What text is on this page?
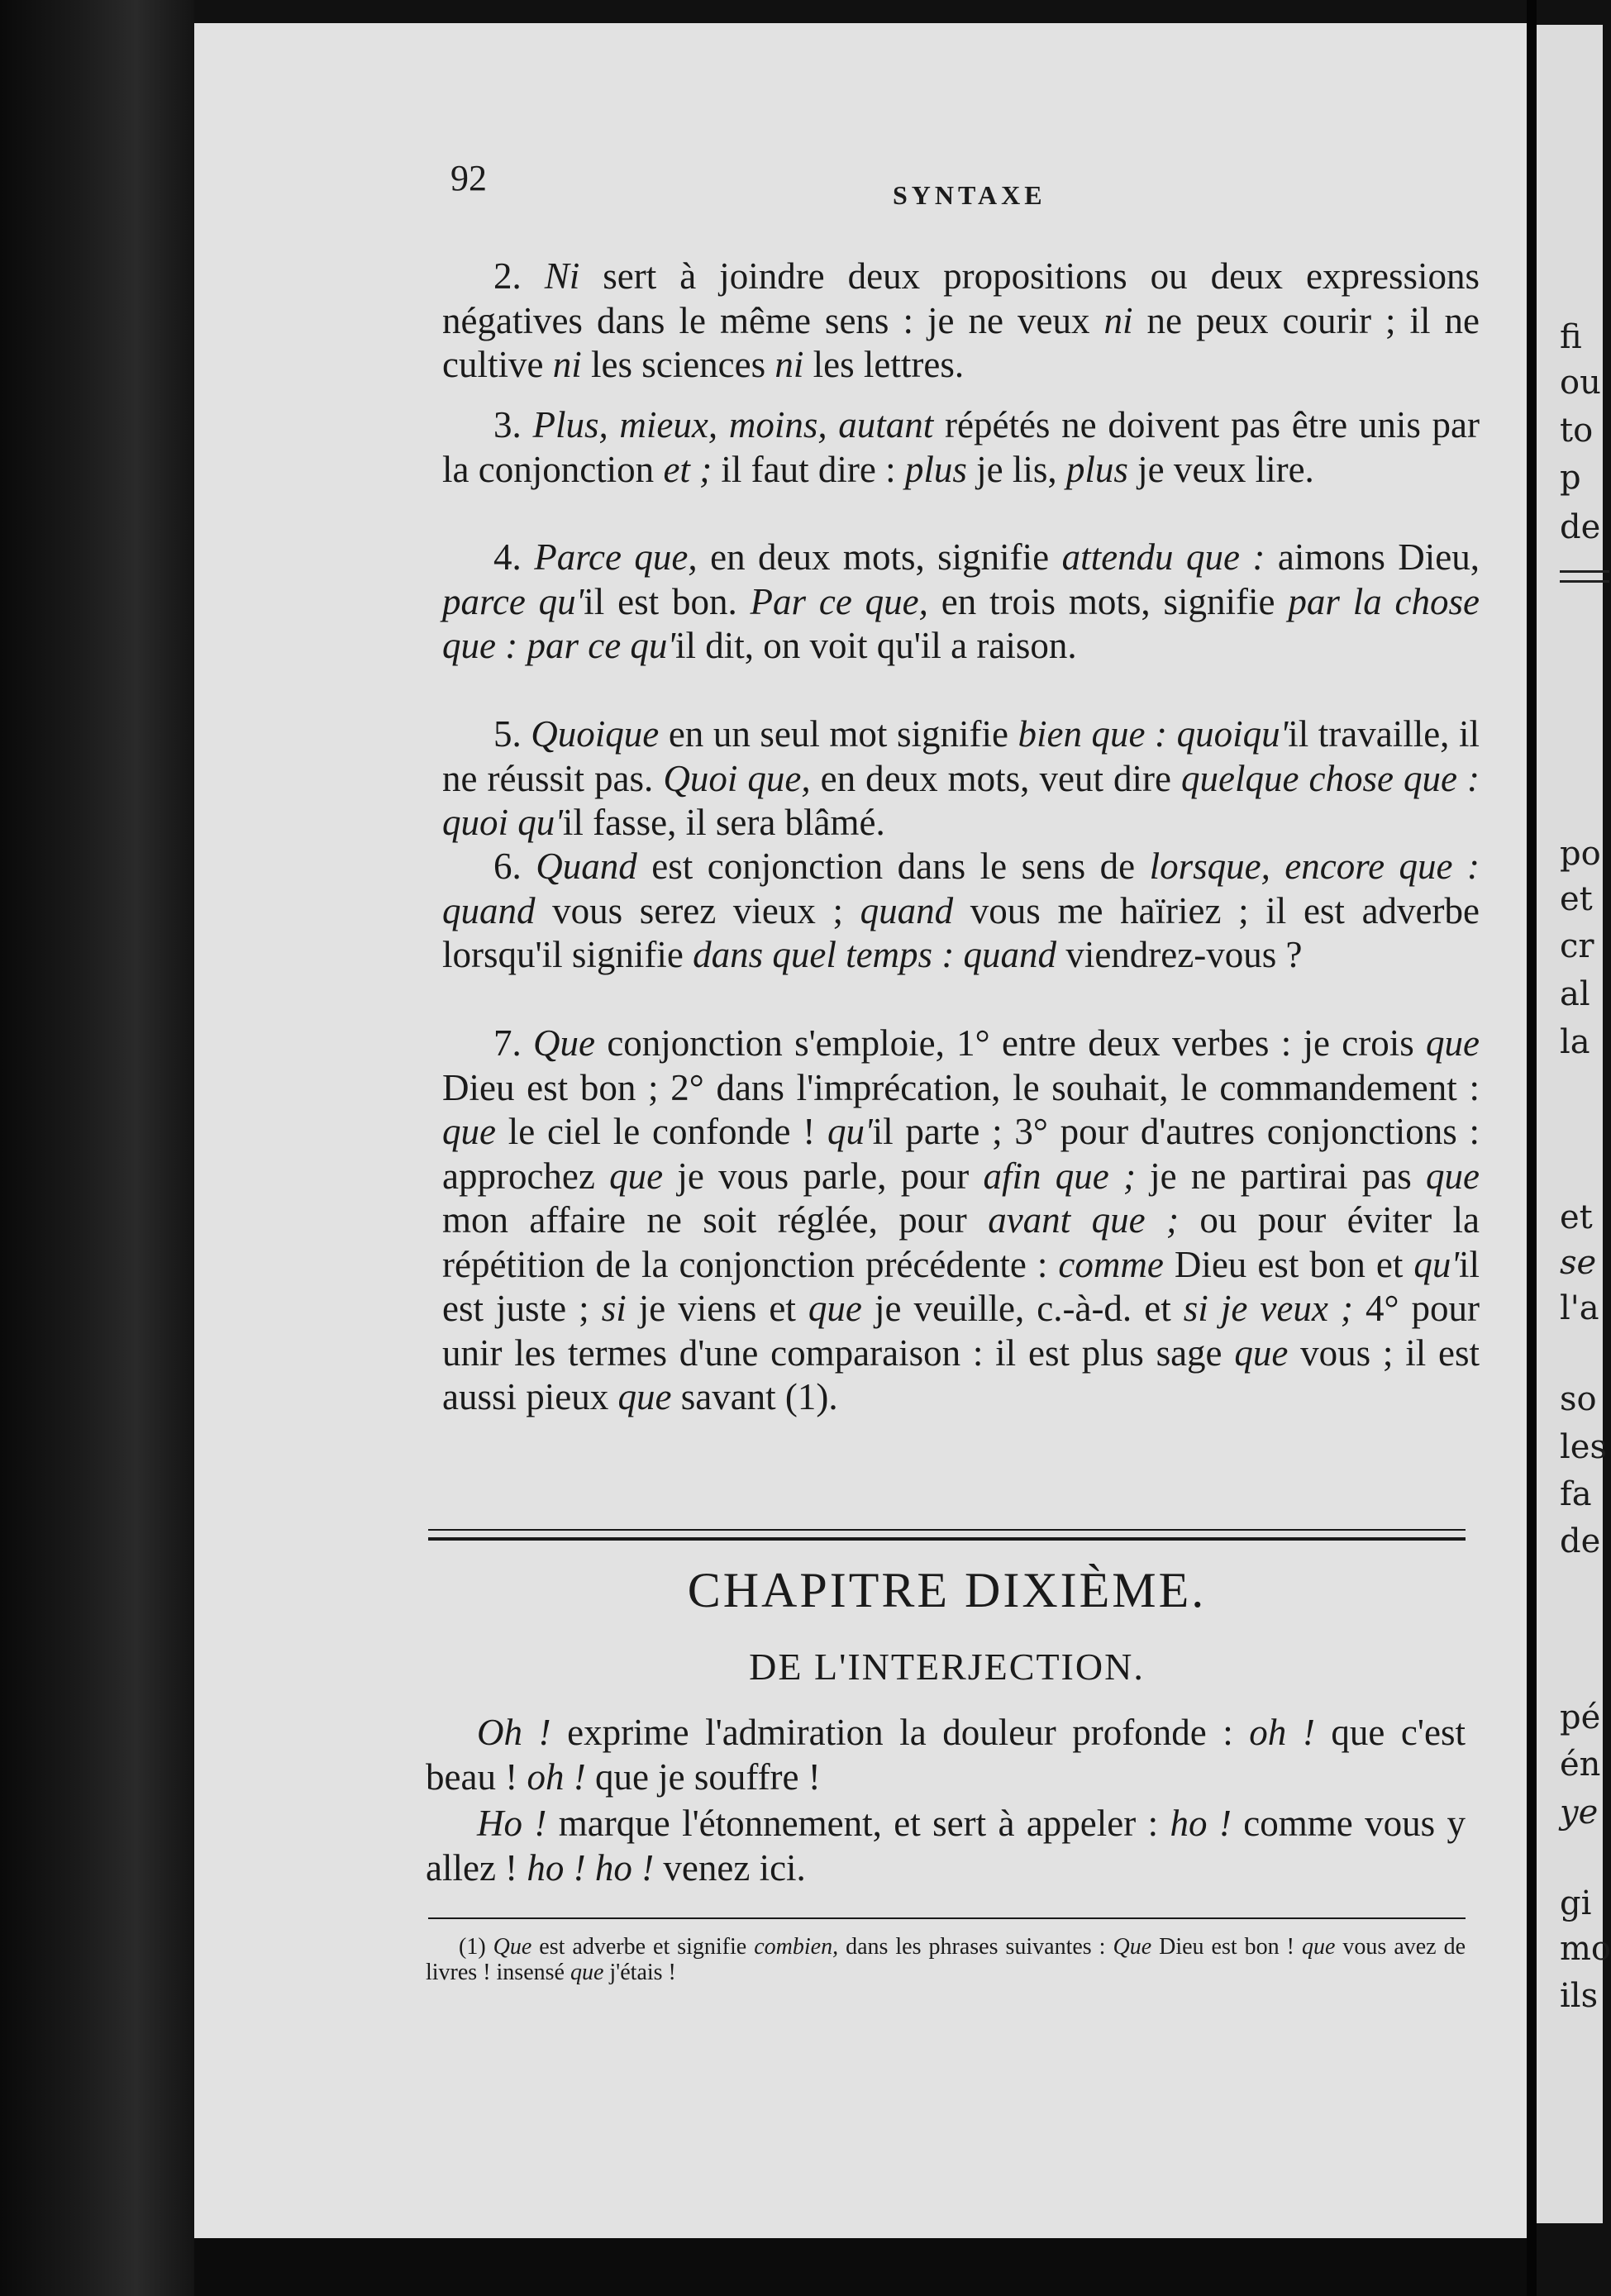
fi
ou
to
p
de
po
et
cr
al
la
et
se
l'a
so
les
fa
de
pé
én
ye
gi
mo
ils
92	SYNTAXE
2. Ni sert à joindre deux propositions ou deux expressions négatives dans le même sens : je ne veux ni ne peux courir ; il ne cultive ni les sciences ni les lettres.
3. Plus, mieux, moins, autant répétés ne doivent pas être unis par la conjonction et ; il faut dire : plus je lis, plus je veux lire.
4. Parce que, en deux mots, signifie attendu que : aimons Dieu, parce qu'il est bon. Par ce que, en trois mots, signifie par la chose que : par ce qu'il dit, on voit qu'il a raison.
5. Quoique en un seul mot signifie bien que : quoiqu'il travaille, il ne réussit pas. Quoi que, en deux mots, veut dire quelque chose que : quoi qu'il fasse, il sera blâmé.
6. Quand est conjonction dans le sens de lorsque, encore que : quand vous serez vieux ; quand vous me haïriez ; il est adverbe lorsqu'il signifie dans quel temps : quand viendrez-vous ?
7. Que conjonction s'emploie, 1° entre deux verbes : je crois que Dieu est bon ; 2° dans l'imprécation, le souhait, le commandement : que le ciel le confonde ! qu'il parte ; 3° pour d'autres conjonctions : approchez que je vous parle, pour afin que ; je ne partirai pas que mon affaire ne soit réglée, pour avant que ; ou pour éviter la répétition de la conjonction précédente : comme Dieu est bon et qu'il est juste ; si je viens et que je veuille, c.-à-d. et si je veux ; 4° pour unir les termes d'une comparaison : il est plus sage que vous ; il est aussi pieux que savant (1).
CHAPITRE DIXIÈME.
DE L'INTERJECTION.
Oh ! exprime l'admiration la douleur profonde : oh ! que c'est beau ! oh ! que je souffre !
Ho ! marque l'étonnement, et sert à appeler : ho ! comme vous y allez ! ho ! ho ! venez ici.
(1) Que est adverbe et signifie combien, dans les phrases suivantes : Que Dieu est bon ! que vous avez de livres ! insensé que j'étais !
